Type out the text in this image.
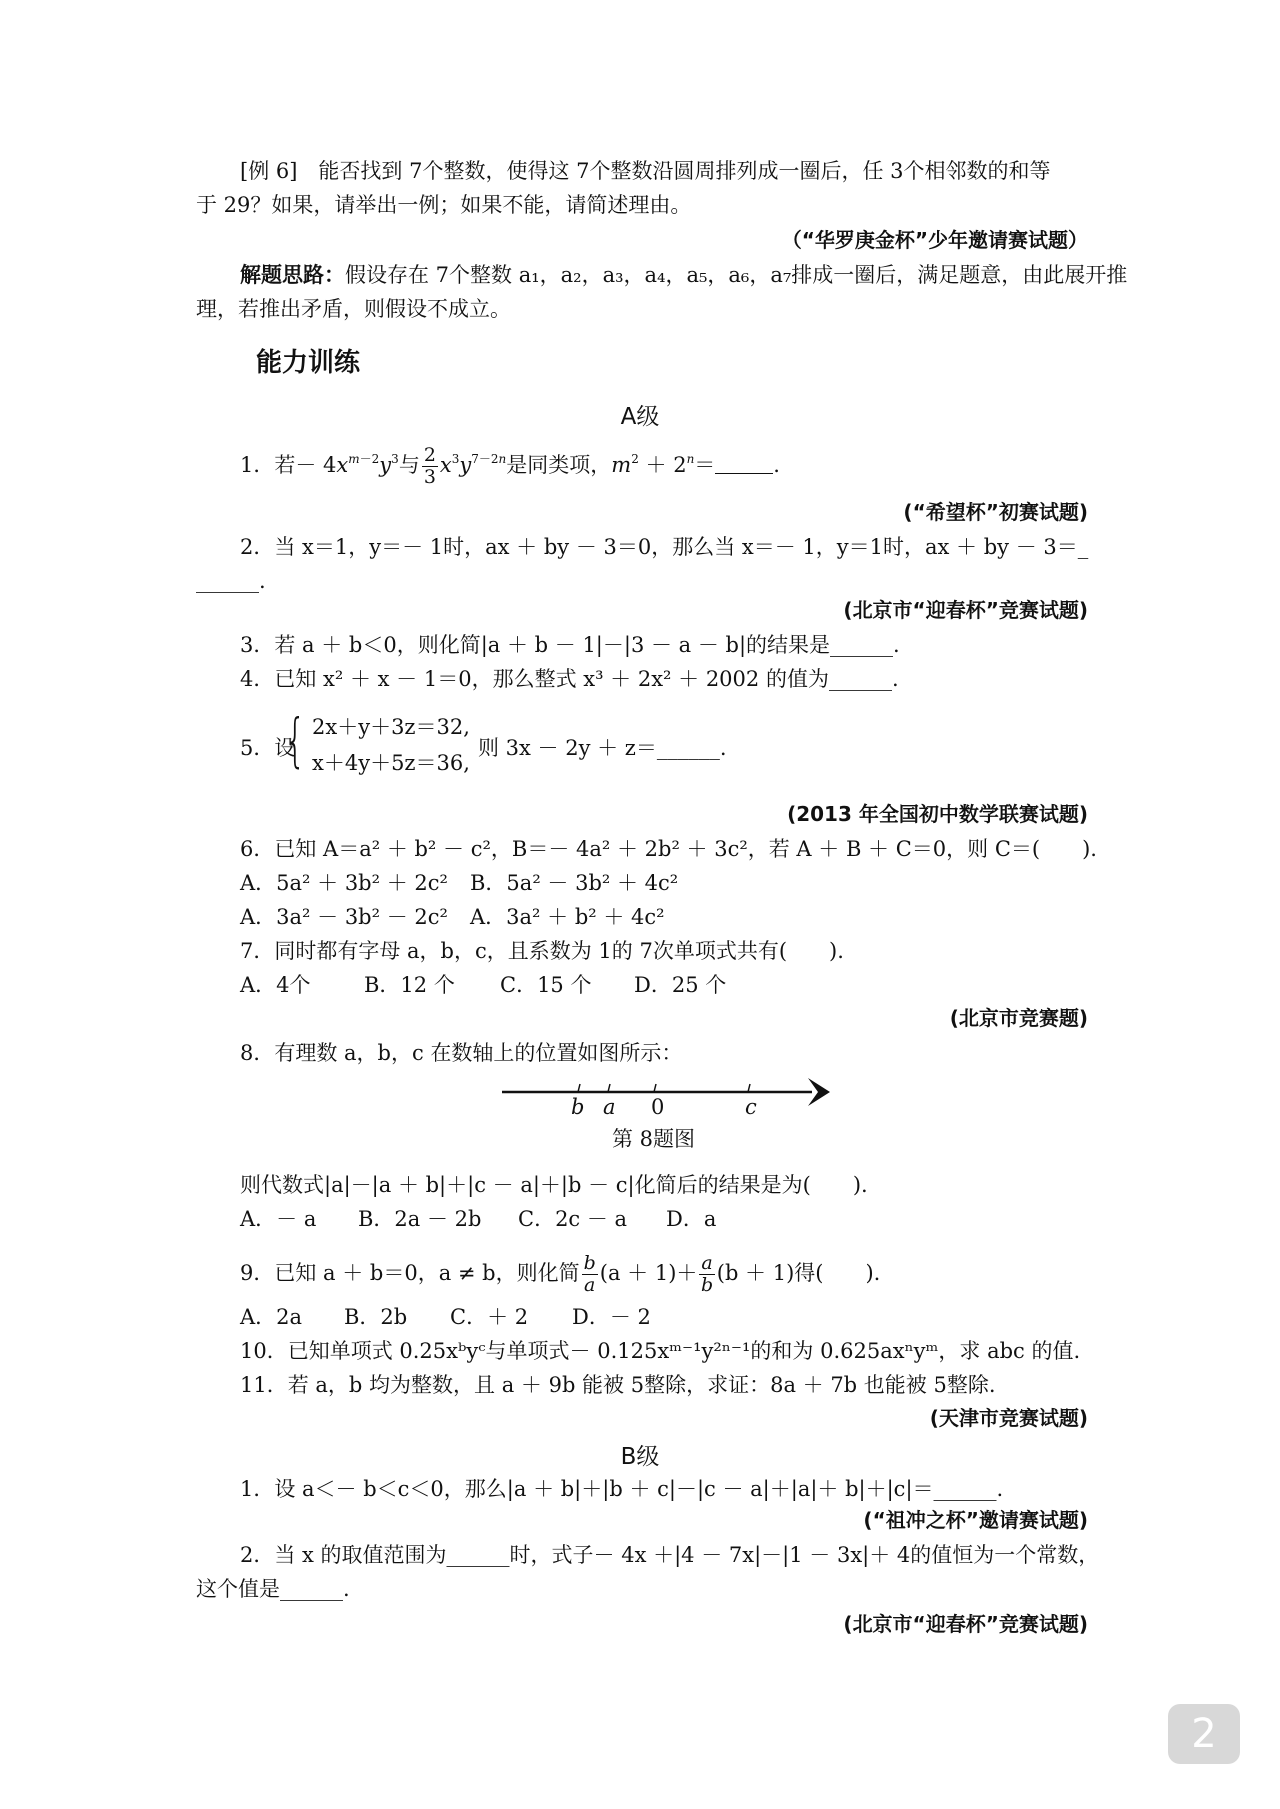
[例 6]　 能否找到 7个整数，使得这 7个整数沿圆周排列成一圈后，任 3个相邻数的和等
于 29？如果，请举出一例；如果不能，请简述理由。
（“华罗庚金杯”少年邀请赛试题）
解题思路：假设存在 7个整数 a₁，a₂，a₃，a₄，a₅，a₆，a₇排成一圈后，满足题意，由此展开推
理，若推出矛盾，则假设不成立。
能力训练
A级
1．若－ $4x^{m-2}y^3$与 $\frac{2}{3} x^3y^{7-2n}$是同类项，$m^2 + 2^n=$	.
(“希望杯”初赛试题)
2．当 x＝1，y＝－ 1时，ax ＋ by － 3＝0，那么当 x＝－ 1，y＝1时，ax ＋ by － 3＝_
______.
(北京市“迎春杯”竞赛试题)
3．若 a ＋ b＜0，则化简|a ＋ b － 1|－|3 － a － b|的结果是______.
4．已知 x² ＋ x － 1＝0，那么整式 x³ ＋ 2x² ＋ 2002 的值为______.
5．设
{ 2x＋y＋3z＝32,
x＋4y＋5z＝36,
则 3x － 2y ＋ z＝______.
(2013 年全国初中数学联赛试题)
6．已知 A＝a² ＋ b² － c²，B＝－ 4a² ＋ 2b² ＋ 3c²，若 A ＋ B ＋ C＝0，则 C＝(　　).
A．5a² ＋ 3b² ＋ 2c² B．5a² － 3b² ＋ 4c²
A．3a² － 3b² － 2c² A．3a² ＋ b² ＋ 4c²
7．同时都有字母 a，b，c，且系数为 1的 7次单项式共有(　　).
A．4个	B．12 个 C．15 个 D．25 个
(北京市竞赛题)
8．有理数 a，b，c 在数轴上的位置如图所示：
b a 0	c
第 8题图
则代数式|a|－|a ＋ b|＋|c － a|＋|b － c|化简后的结果是为(　　).
A．－ a B．2a － 2b C．2c － a D．a
9．已知 a ＋ b＝0，a ≠ b，则化简 $\frac{b}{a} (a + 1)+ \frac{a}{b} (b + 1)$得(　　).
A．2a B．2b C．＋ 2 D．－ 2
10．已知单项式 0.25xᵇyᶜ与单项式－ 0.125xᵐ⁻¹y²ⁿ⁻¹的和为 0.625axⁿyᵐ，求 abc 的值.
11．若 a，b 均为整数，且 a ＋ 9b 能被 5整除，求证：8a ＋ 7b 也能被 5整除.
(天津市竞赛试题)
B级
1．设 a＜－ b＜c＜0，那么|a ＋ b|＋|b ＋ c|－|c － a|＋|a|＋ b|＋|c|＝______.
(“祖冲之杯”邀请赛试题)
2．当 x 的取值范围为______时，式子－ 4x ＋|4 － 7x|－|1 － 3x|＋ 4的值恒为一个常数，
这个值是______.
(北京市“迎春杯”竞赛试题)
2
